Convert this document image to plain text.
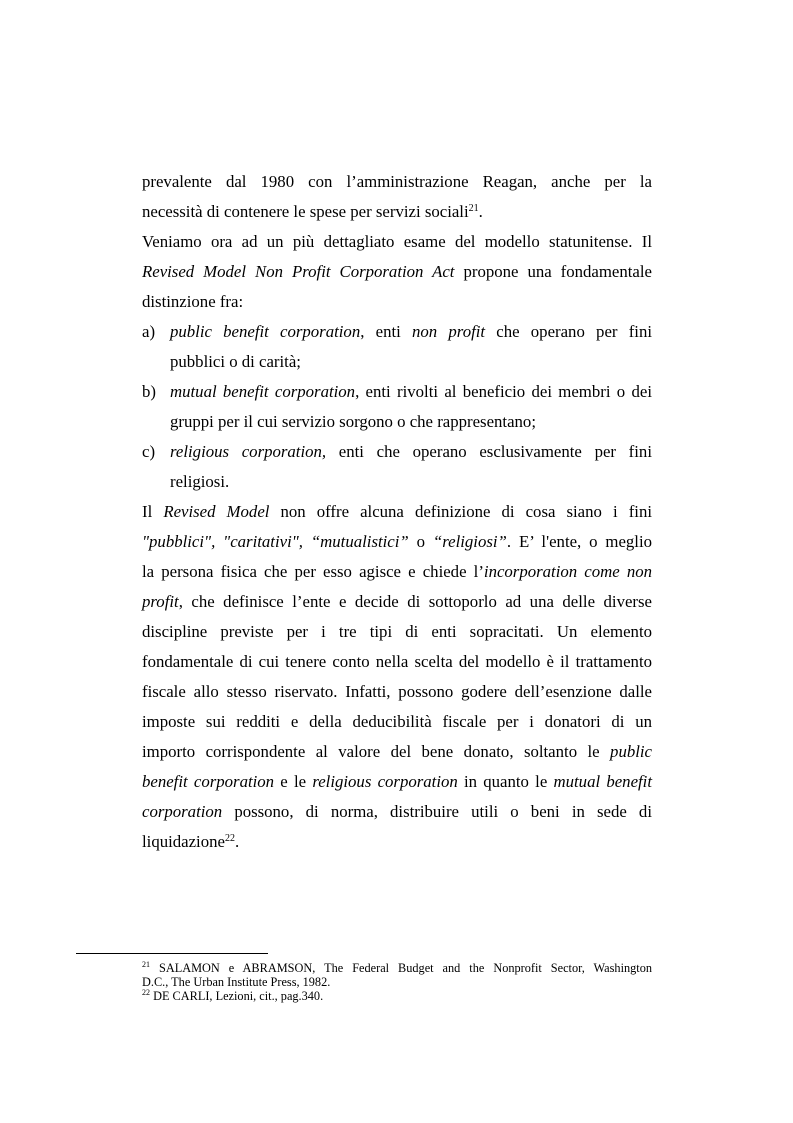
prevalente dal 1980 con l’amministrazione Reagan, anche per la
necessità di contenere le spese per servizi sociali$^{21}$.
Veniamo ora ad un più dettagliato esame del modello statunitense. Il
Revised Model Non Profit Corporation Act propone una fondamentale
distinzione fra:
a) public benefit corporation, enti non profit che operano per fini
pubblici o di carità;
b) mutual benefit corporation, enti rivolti al beneficio dei membri o dei
gruppi per il cui servizio sorgono o che rappresentano;
c) religious corporation, enti che operano esclusivamente per fini
religiosi.
Il Revised Model non offre alcuna definizione di cosa siano i fini
"pubblici", "caritativi", “mutualistici” o “religiosi”. E’ l'ente, o meglio
la persona fisica che per esso agisce e chiede l’incorporation come non
profit, che definisce l’ente e decide di sottoporlo ad una delle diverse
discipline previste per i tre tipi di enti sopracitati. Un elemento
fondamentale di cui tenere conto nella scelta del modello è il trattamento
fiscale allo stesso riservato. Infatti, possono godere dell’esenzione dalle
imposte sui redditi e della deducibilità fiscale per i donatori di un
importo corrispondente al valore del bene donato, soltanto le public
benefit corporation e le religious corporation in quanto le mutual benefit
corporation possono, di norma, distribuire utili o beni in sede di
liquidazione$^{22}$.
$^{21}$ SALAMON e ABRAMSON, The Federal Budget and the Nonprofit Sector, Washington
D.C., The Urban Institute Press, 1982.
$^{22}$ DE CARLI, Lezioni, cit., pag.340.
